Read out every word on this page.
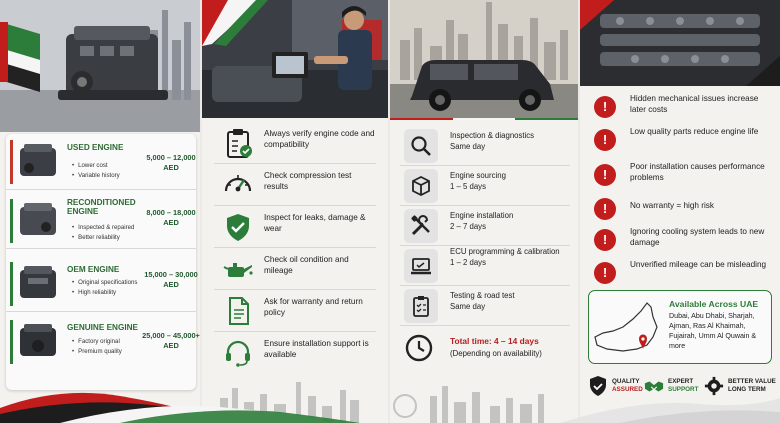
USED ENGINE
• Lower cost
• Variable history
5,000 – 12,000
AED
RECONDITIONED ENGINE
• Inspected & repaired
• Better reliability
8,000 – 18,000
AED
OEM ENGINE
• Original specifications
• High reliability
15,000 – 30,000
AED
GENUINE ENGINE
• Factory original
• Premium quality
25,000 – 45,000+
AED
Always verify engine code and compatibility
Check compression test results
Inspect for leaks, damage & wear
Check oil condition and mileage
Ask for warranty and return policy
Ensure installation support is available
Inspection & diagnostics
Same day
Engine sourcing
1 – 5 days
Engine installation
2 – 7 days
ECU programming & calibration
1 – 2 days
Testing & road test
Same day
Total time: 4 – 14 days
(Depending on availability)
!
Hidden mechanical issues increase later costs
!
Low quality parts reduce engine life
!
Poor installation causes performance problems
!	No warranty = high risk
!
Ignoring cooling system leads to new damage
!
Unverified mileage can be misleading
Available Across UAE
Dubai, Abu Dhabi, Sharjah, Ajman, Ras Al Khaimah, Fujairah, Umm Al Quwain & more
QUALITY
ASSURED
EXPERT
SUPPORT
BETTER VALUE
LONG TERM
